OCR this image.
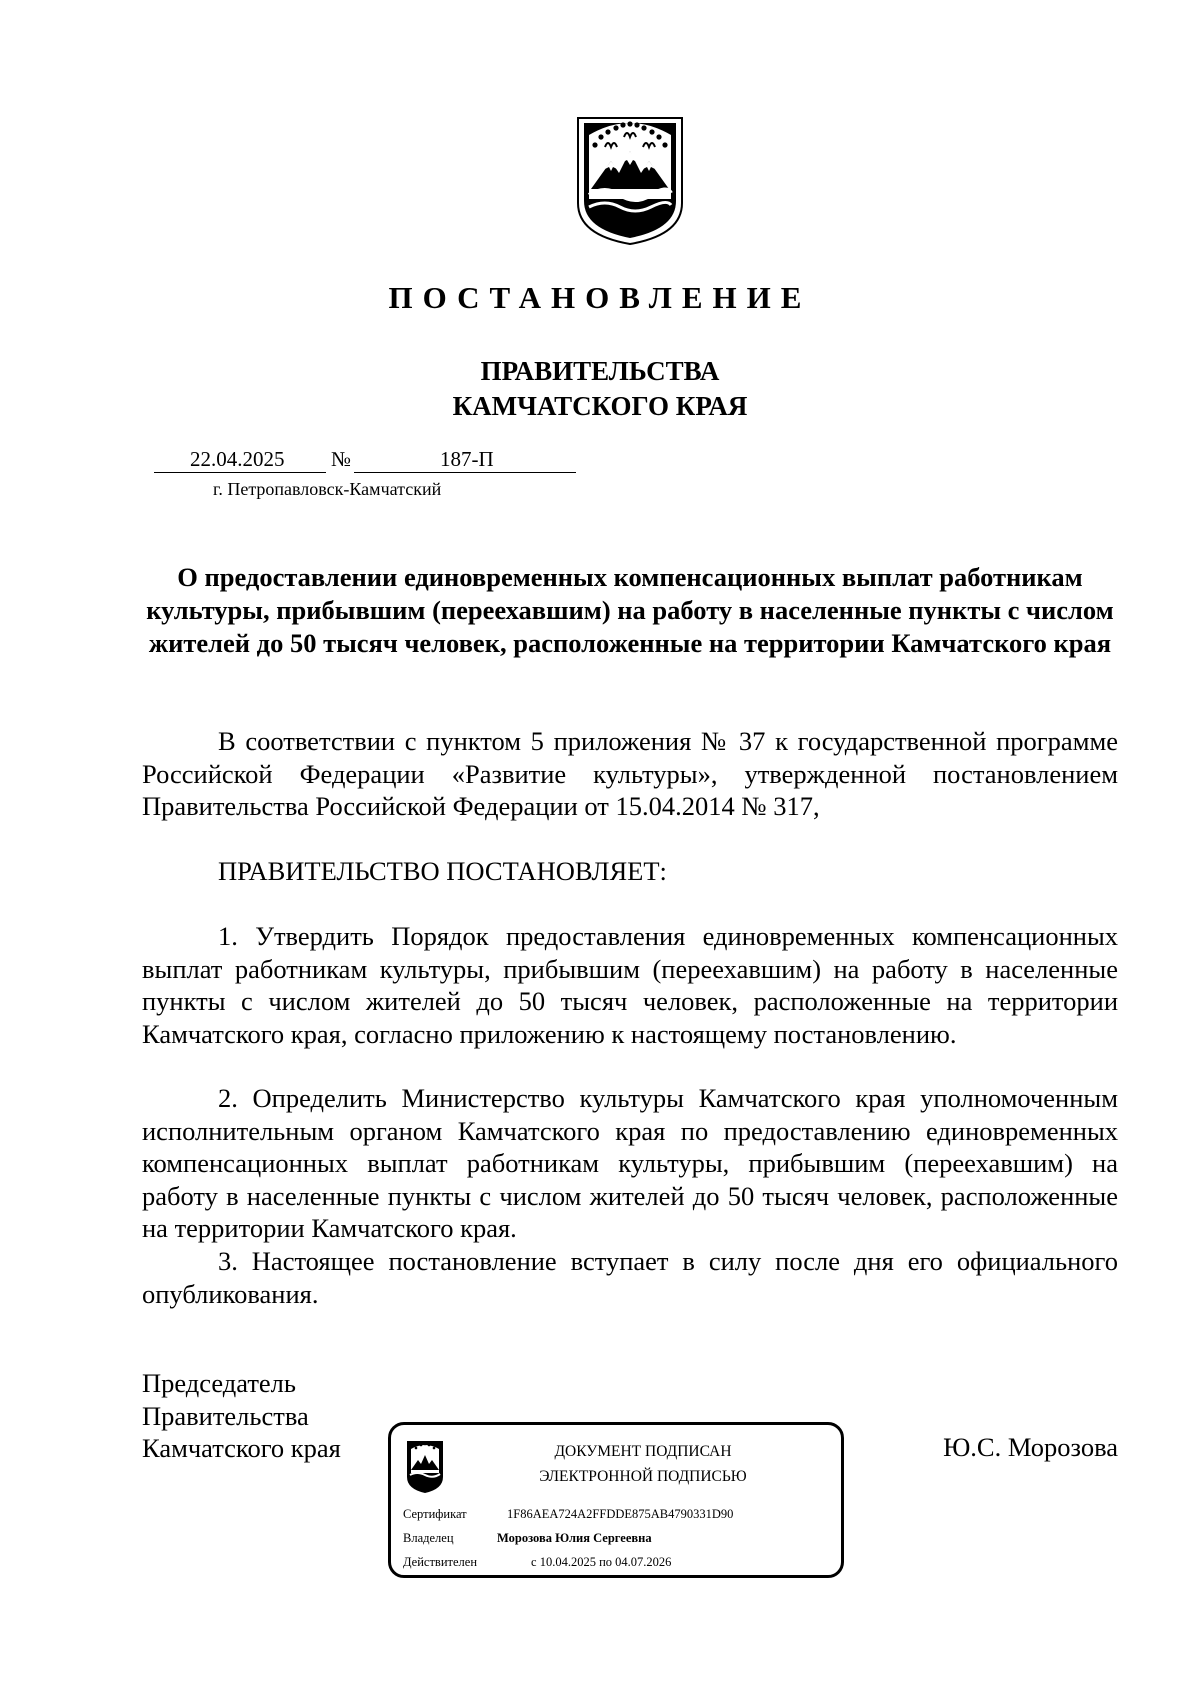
ПОСТАНОВЛЕНИЕ
ПРАВИТЕЛЬСТВА
КАМЧАТСКОГО КРАЯ
22.04.2025 №	187-П
г. Петропавловск-Камчатский
О предоставлении единовременных компенсационных выплат работникам культуры, прибывшим (переехавшим) на работу в населенные пункты с числом жителей до 50 тысяч человек, расположенные на территории Камчатского края
В соответствии с пунктом 5 приложения № 37 к государственной программе Российской Федерации «Развитие культуры», утвержденной постановлением Правительства Российской Федерации от 15.04.2014 № 317,
ПРАВИТЕЛЬСТВО ПОСТАНОВЛЯЕТ:
1. Утвердить Порядок предоставления единовременных компенсационных выплат работникам культуры, прибывшим (переехавшим) на работу в населенные пункты с числом жителей до 50 тысяч человек, расположенные на территории Камчатского края, согласно приложению к настоящему постановлению.
2. Определить Министерство культуры Камчатского края уполномоченным исполнительным органом Камчатского края по предоставлению единовременных компенсационных выплат работникам культуры, прибывшим (переехавшим) на работу в населенные пункты с числом жителей до 50 тысяч человек, расположенные на территории Камчатского края.
3. Настоящее постановление вступает в силу после дня его официального опубликования.
Председатель
Правительства
Камчатского края	Ю.С. Морозова
ДОКУМЕНТ ПОДПИСАН
ЭЛЕКТРОННОЙ ПОДПИСЬЮ
Сертификат	1F86AEA724A2FFDDE875AB4790331D90
Владелец	Морозова Юлия Сергеевна
Действителен	с 10.04.2025 по 04.07.2026
